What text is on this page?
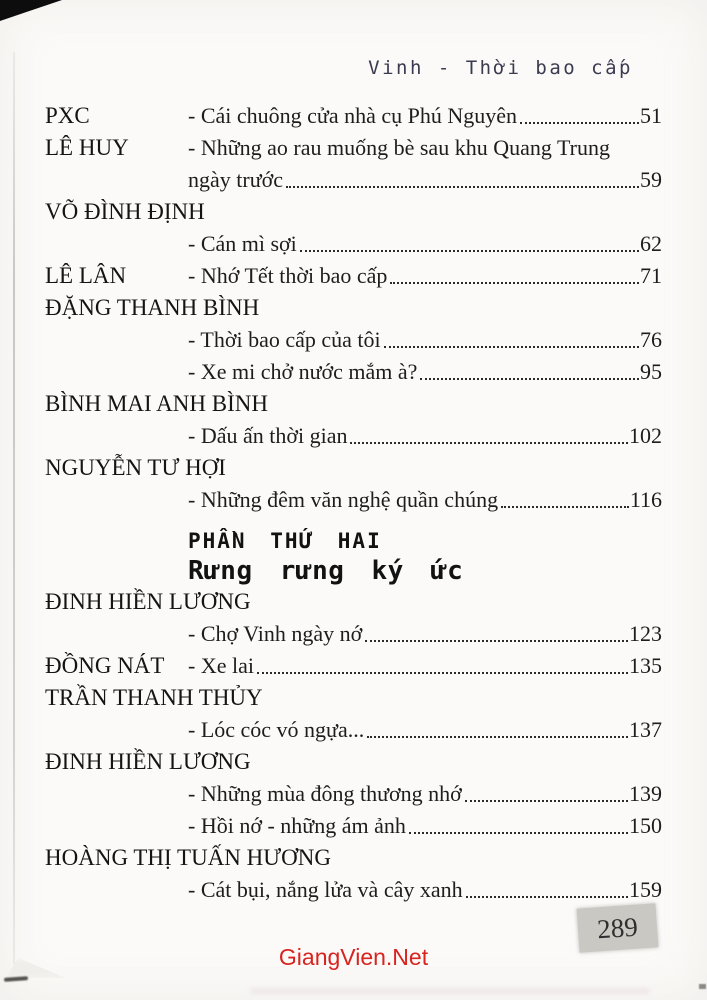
Vinh - Thời bao cấp
PXC	- Cái chuông cửa nhà cụ Phú Nguyên	51
LÊ HUY	- Những ao rau muống bè sau khu Quang Trung
ngày trước	59
VÕ ĐÌNH ĐỊNH
- Cán mì sợi	62
LÊ LÂN	- Nhớ Tết thời bao cấp	71
ĐẶNG THANH BÌNH
- Thời bao cấp của tôi	76
- Xe mi chở nước mắm à?	95
BÌNH MAI ANH BÌNH
- Dấu ấn thời gian	102
NGUYỄN TƯ HỢI
- Những đêm văn nghệ quần chúng	116
PHẦN THỨ HAI
Rưng rưng ký ức
ĐINH HIỀN LƯƠNG
- Chợ Vinh ngày nớ	123
ĐỒNG NÁT	- Xe lai	135
TRẦN THANH THỦY
- Lóc cóc vó ngựa...	137
ĐINH HIỀN LƯƠNG
- Những mùa đông thương nhớ	139
- Hồi nớ - những ám ảnh	150
HOÀNG THỊ TUẤN HƯƠNG
- Cát bụi, nắng lửa và cây xanh	159
289
GiangVien.Net
